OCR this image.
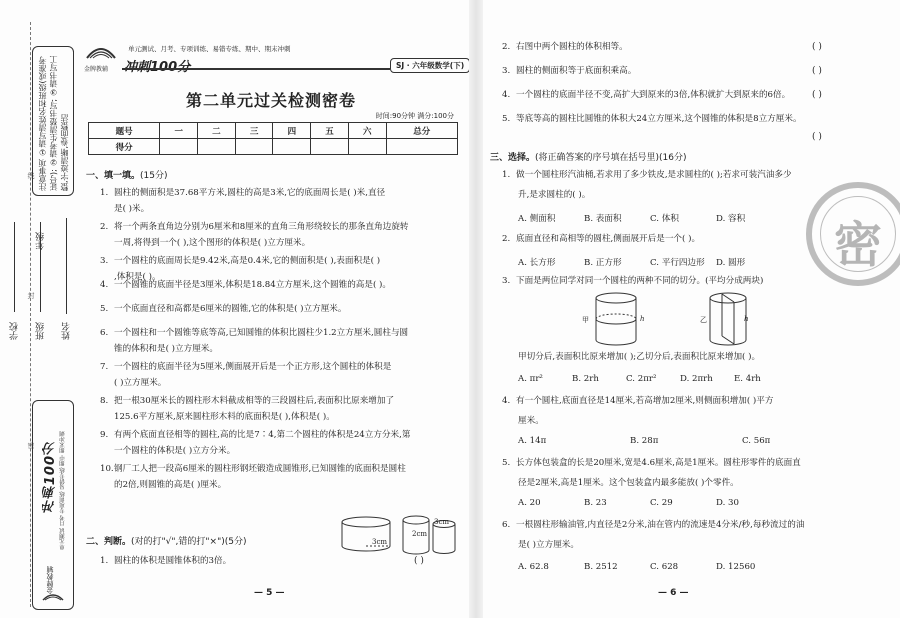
线
封
密
注意事项 ①请写清姓名和班级(或准考证号); ②请考生清楚书写; ③请书写工整,字迹清晰,卷面整洁
学校 班级
年级
姓名
单元测试 月考 专项训练 易错专练 期中 期末冲刺
冲刺100分
金牌教辅
金牌教辅
单元测试、月考、专项训练、易错专练、期中、期末冲刺
冲刺100分	SJ · 六年级数学(下)
第二单元过关检测密卷
时间:90分钟 满分:100分
题号	一	二	三	四	五	六	总分
得分							
一、填一填。(15分)
1. 圆柱的侧面积是37.68平方米,圆柱的高是3米,它的底面周长是( )米,直径
是( )米。
2. 将一个两条直角边分别为6厘米和8厘米的直角三角形绕较长的那条直角边旋转
一周,将得到一个( ),这个图形的体积是( )立方厘米。
3. 一个圆柱的底面周长是9.42米,高是0.4米,它的侧面积是( ),表面积是( )
,体积是( )。
4. 一个圆锥的底面半径是3厘米,体积是18.84立方厘米,这个圆锥的高是( )。
5. 一个底面直径和高都是6厘米的圆锥,它的体积是( )立方厘米。
6. 一个圆柱和一个圆锥等底等高,已知圆锥的体积比圆柱少1.2立方厘米,圆柱与圆
锥的体积和是( )立方厘米。
7. 一个圆柱的底面半径为5厘米,侧面展开后是一个正方形,这个圆柱的体积是
( )立方厘米。
8. 把一根30厘米长的圆柱形木料截成相等的三段圆柱后,表面积比原来增加了
125.6平方厘米,原来圆柱形木料的底面积是( ),体积是( )。
9. 有两个底面直径相等的圆柱,高的比是7∶4,第二个圆柱的体积是24立方分米,第
一个圆柱的体积是( )立方分米。
10.钢厂工人把一段高6厘米的圆柱形钢坯锻造成圆锥形,已知圆锥的底面积是圆柱
的2倍,则圆锥的高是( )厘米。
3cm
2cm
3cm
二、判断。(对的打"√",错的打"×")(5分)
1. 圆柱的体积是圆锥体积的3倍。	( )
— 5 —
密
2. 右图中两个圆柱的体积相等。	( )
3. 圆柱的侧面积等于底面积乘高。	( )
4. 一个圆柱的底面半径不变,高扩大到原来的3倍,体积就扩大到原来的6倍。 ( )
5. 等底等高的圆柱比圆锥的体积大24立方厘米,这个圆锥的体积是8立方厘米。
( )
三、选择。(将正确答案的序号填在括号里)(16分)
1. 做一个圆柱形汽油桶,若求用了多少铁皮,是求圆柱的( );若求可装汽油多少
升,是求圆柱的( )。
A. 侧面积	B. 表面积	C. 体积	D. 容积
2. 底面直径和高相等的圆柱,侧面展开后是一个( )。
A. 长方形	B. 正方形	C. 平行四边形 D. 圆形
3. 下面是两位同学对同一个圆柱的两种不同的切分。(平均分成两块)
甲切分后,表面积比原来增加( );乙切分后,表面积比原来增加( )。
A. πr²	B. 2rh	C. 2πr²	D. 2πrh E. 4rh
4. 有一个圆柱,底面直径是14厘米,若高增加2厘米,则侧面积增加( )平方
厘米。
A. 14π	B. 28π	C. 56π
5. 长方体包装盒的长是20厘米,宽是4.6厘米,高是1厘米。圆柱形零件的底面直
径是2厘米,高是1厘米。这个包装盒内最多能放( )个零件。
A. 20	B. 23	C. 29	D. 30
6. 一根圆柱形输油管,内直径是2分米,油在管内的流速是4分米/秒,每秒流过的油
是( )立方厘米。
A. 62.8	B. 2512	C. 628	D. 12560
甲	h	乙	h
— 6 —
